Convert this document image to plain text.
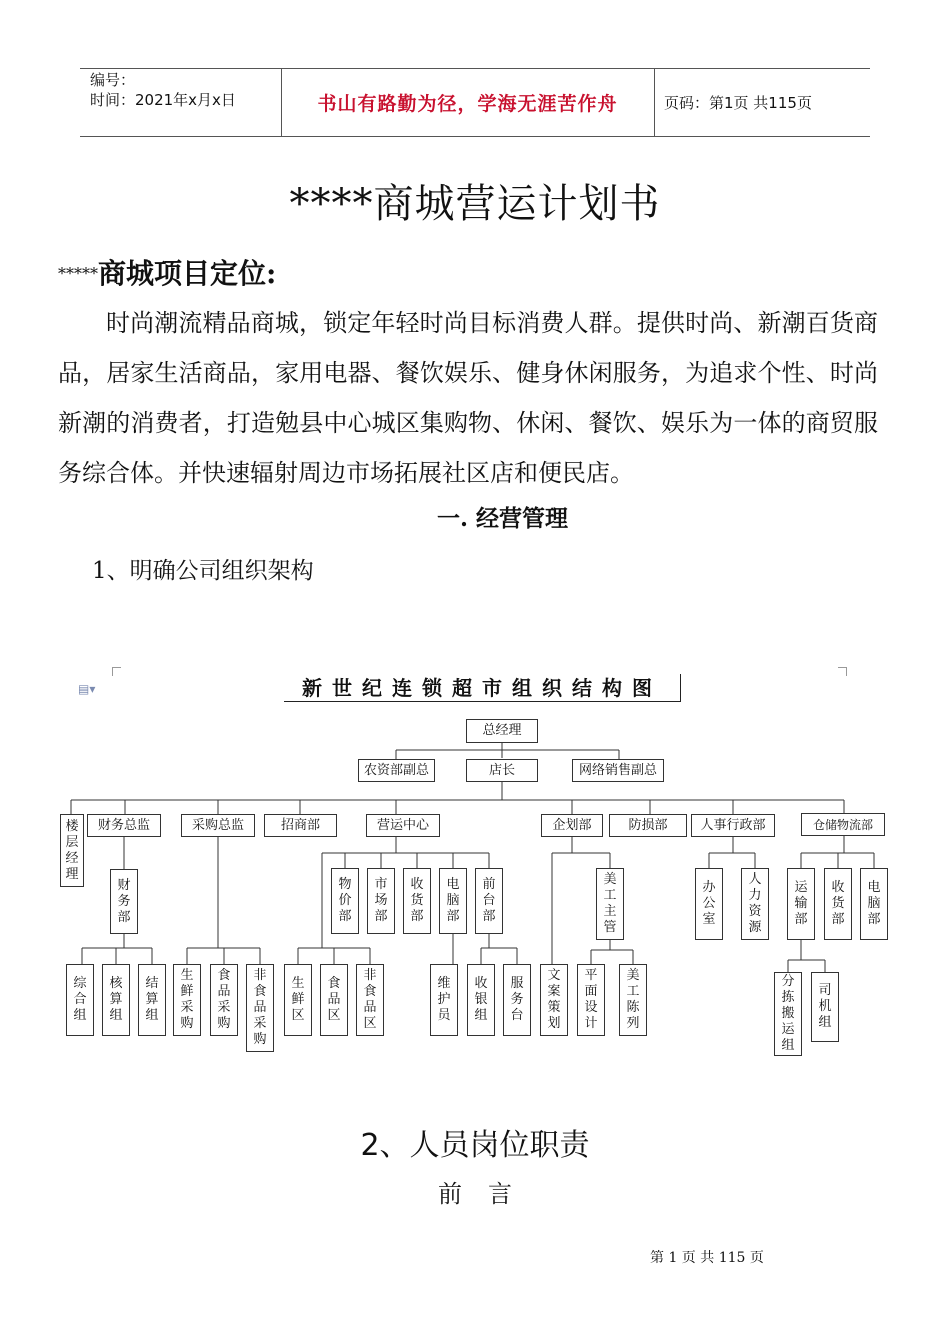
编号：
时间：2021年x月x日	书山有路勤为径，学海无涯苦作舟	页码：第1页 共115页
****商城营运计划书
*****商城项目定位:
时尚潮流精品商城，锁定年轻时尚目标消费人群。提供时尚、新潮百货商品，居家生活商品，家用电器、餐饮娱乐、健身休闲服务，为追求个性、时尚新潮的消费者，打造勉县中心城区集购物、休闲、餐饮、娱乐为一体的商贸服务综合体。并快速辐射周边市场拓展社区店和便民店。
一. 经营管理
1、明确公司组织架构
▤▾	新世纪连锁超市组织结构图
总经理
农资部副总	店长	网络销售副总
楼
层
经
理
财务总监	采购总监	招商部	营运中心	企划部	防损部	人事行政部	仓储物流部
财
务
部
综
合
组
核
算
组
结
算
组
生
鲜
采
购
食
品
采
购
非
食
品
采
购
物
价
部
市
场
部
收
货
部
电
脑
部
前
台
部
生
鲜
区
食
品
区
非
食
品
区
维
护
员
收
银
组
服
务
台
美
工
主
管
文
案
策
划
平
面
设
计
美
工
陈
列
办
公
室
人
力
资
源
运
输
部
收
货
部
电
脑
部
分
拣
搬
运
组
司
机
组
2、人员岗位职责
前言
第 1 页 共 115 页
